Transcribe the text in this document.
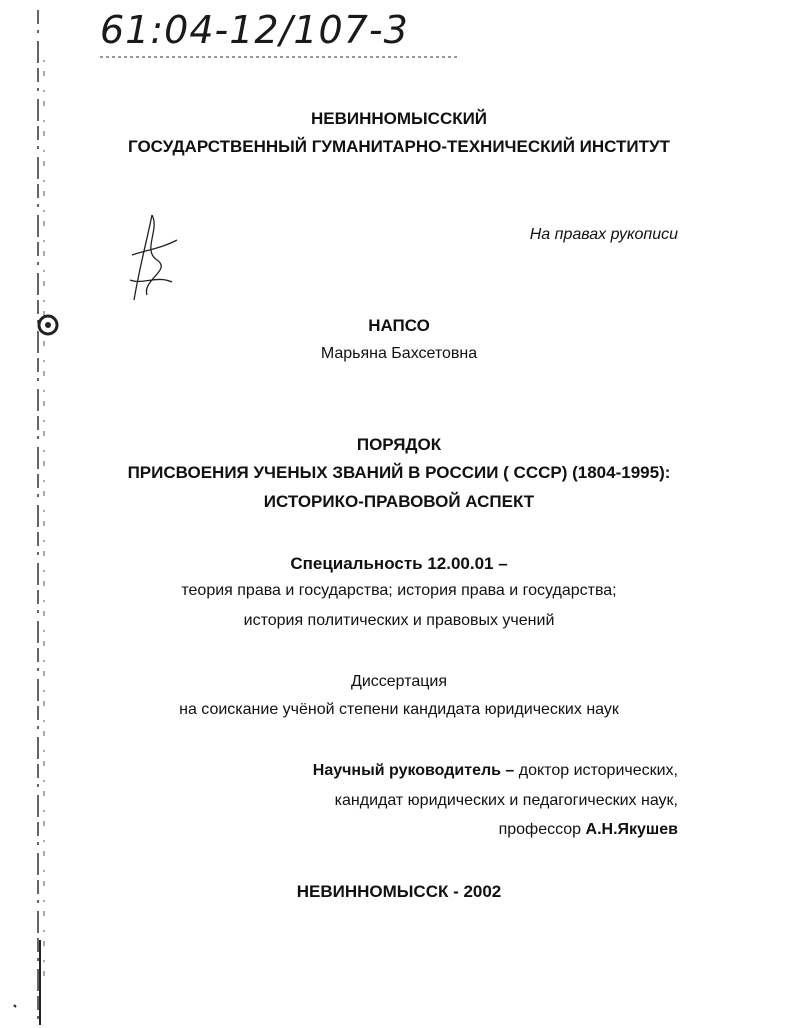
61:04-12/107-3
НЕВИННОМЫССКИЙ
ГОСУДАРСТВЕННЫЙ ГУМАНИТАРНО-ТЕХНИЧЕСКИЙ ИНСТИТУТ
На правах рукописи
НАПСО
Марьяна Бахсетовна
ПОРЯДОК
ПРИСВОЕНИЯ УЧЕНЫХ ЗВАНИЙ В РОССИИ ( СССР) (1804-1995):
ИСТОРИКО-ПРАВОВОЙ АСПЕКТ
Специальность 12.00.01 –
теория права и государства; история права и государства;
история политических и правовых учений
Диссертация
на соискание учёной степени кандидата юридических наук
Научный руководитель – доктор исторических,
кандидат юридических и педагогических наук,
профессор А.Н.Якушев
НЕВИННОМЫССК - 2002
